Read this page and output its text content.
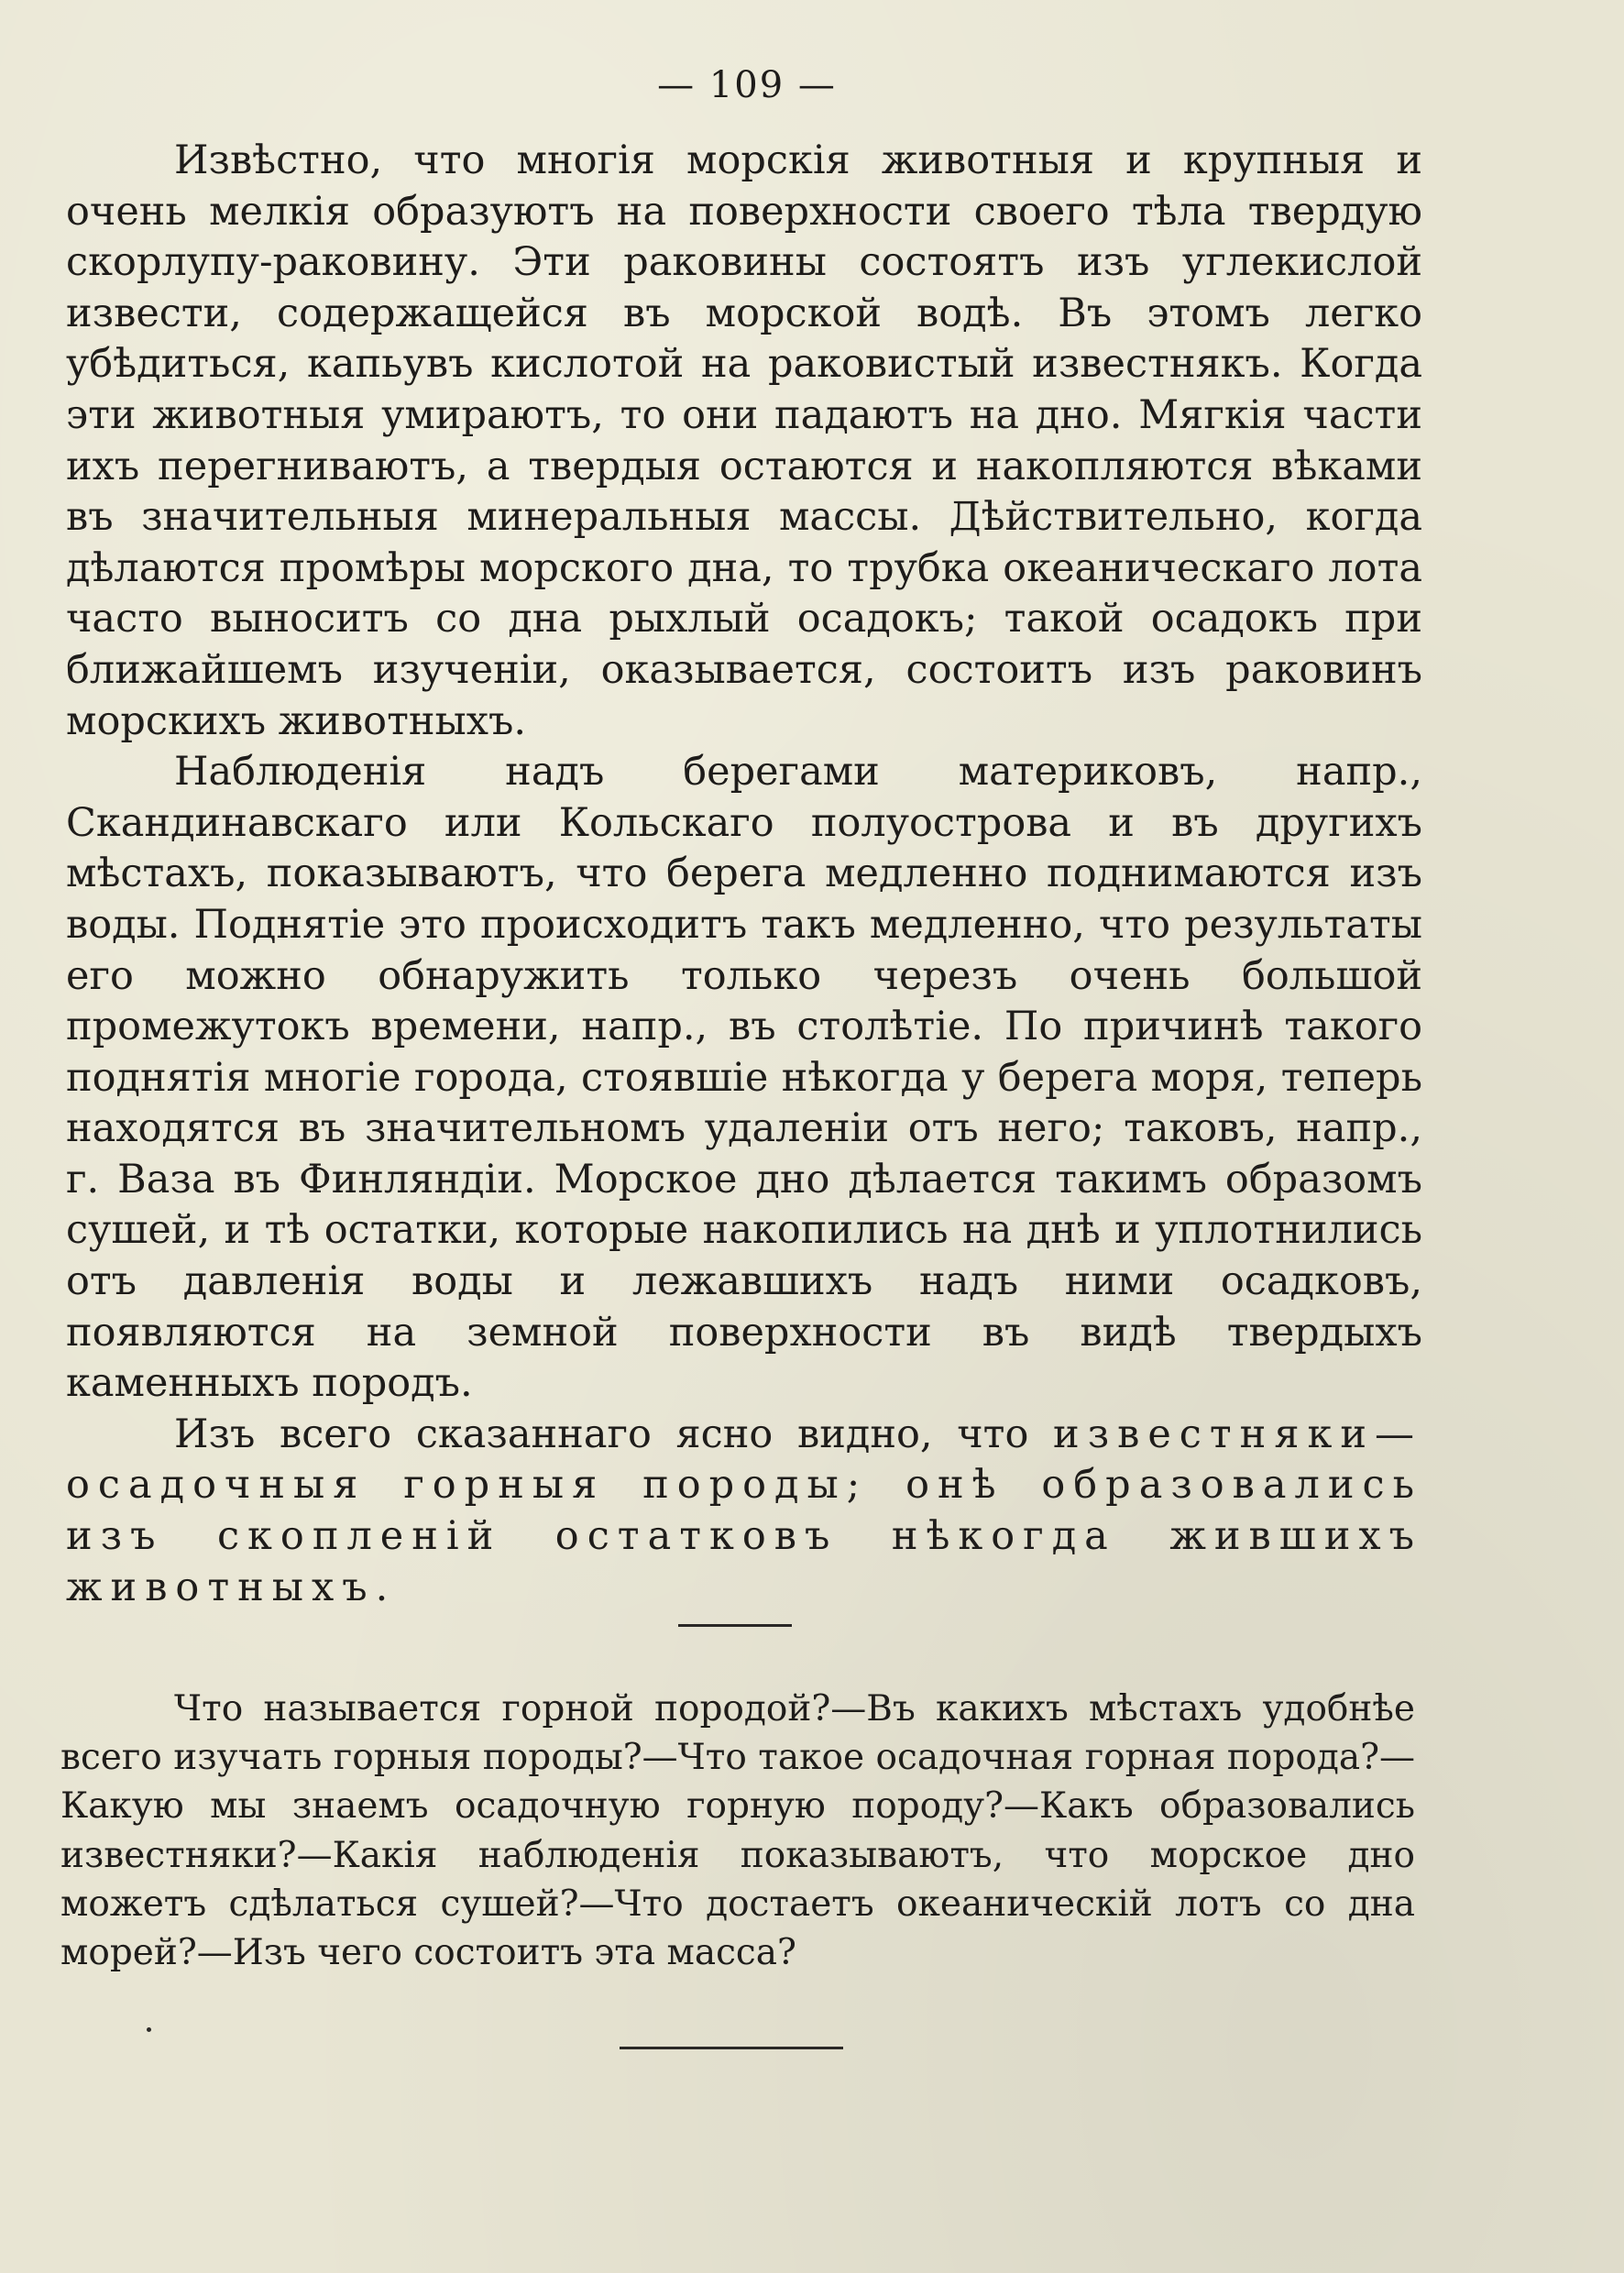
— 109 —

Извѣстно, что многія морскія животныя и крупныя и очень мелкія образуютъ на поверхности своего тѣла твердую скорлупу-раковину. Эти раковины состоятъ изъ углекислой извести, содержащейся въ морской водѣ. Въ этомъ легко убѣдиться, капьувъ кислотой на раковистый известнякъ. Когда эти животныя умираютъ, то они падаютъ на дно. Мягкія части ихъ перегниваютъ, а твердыя остаются и накопляются вѣками въ значительныя минеральныя массы. Дѣйствительно, когда дѣлаются промѣры морского дна, то трубка океаническаго лота часто выноситъ со дна рыхлый осадокъ; такой осадокъ при ближайшемъ изученіи, оказывается, состоитъ изъ раковинъ морскихъ животныхъ.

Наблюденія надъ берегами материковъ, напр., Скандинавскаго или Кольскаго полуострова и въ другихъ мѣстахъ, показываютъ, что берега медленно поднимаются изъ воды. Поднятіе это происходитъ такъ медленно, что результаты его можно обнаружить только черезъ очень большой промежутокъ времени, напр., въ столѣтіе. По причинѣ такого поднятія многіе города, стоявшіе нѣкогда у берега моря, теперь находятся въ значительномъ удаленіи отъ него; таковъ, напр., г. Ваза въ Финляндіи. Морское дно дѣлается такимъ образомъ сушей, и тѣ остатки, которые накопились на днѣ и уплотнились отъ давленія воды и лежавшихъ надъ ними осадковъ, появляются на земной поверхности въ видѣ твердыхъ каменныхъ породъ.

Изъ всего сказаннаго ясно видно, что известняки—осадочныя горныя породы; онѣ образовались изъ скопленій остатковъ нѣкогда жившихъ животныхъ.

Что называется горной породой?—Въ какихъ мѣстахъ удобнѣе всего изучать горныя породы?—Что такое осадочная горная порода?—Какую мы знаемъ осадочную горную породу?—Какъ образовались известняки?—Какія наблюденія показываютъ, что морское дно можетъ сдѣлаться сушей?—Что достаетъ океаническій лотъ со дна морей?—Изъ чего состоитъ эта масса?
